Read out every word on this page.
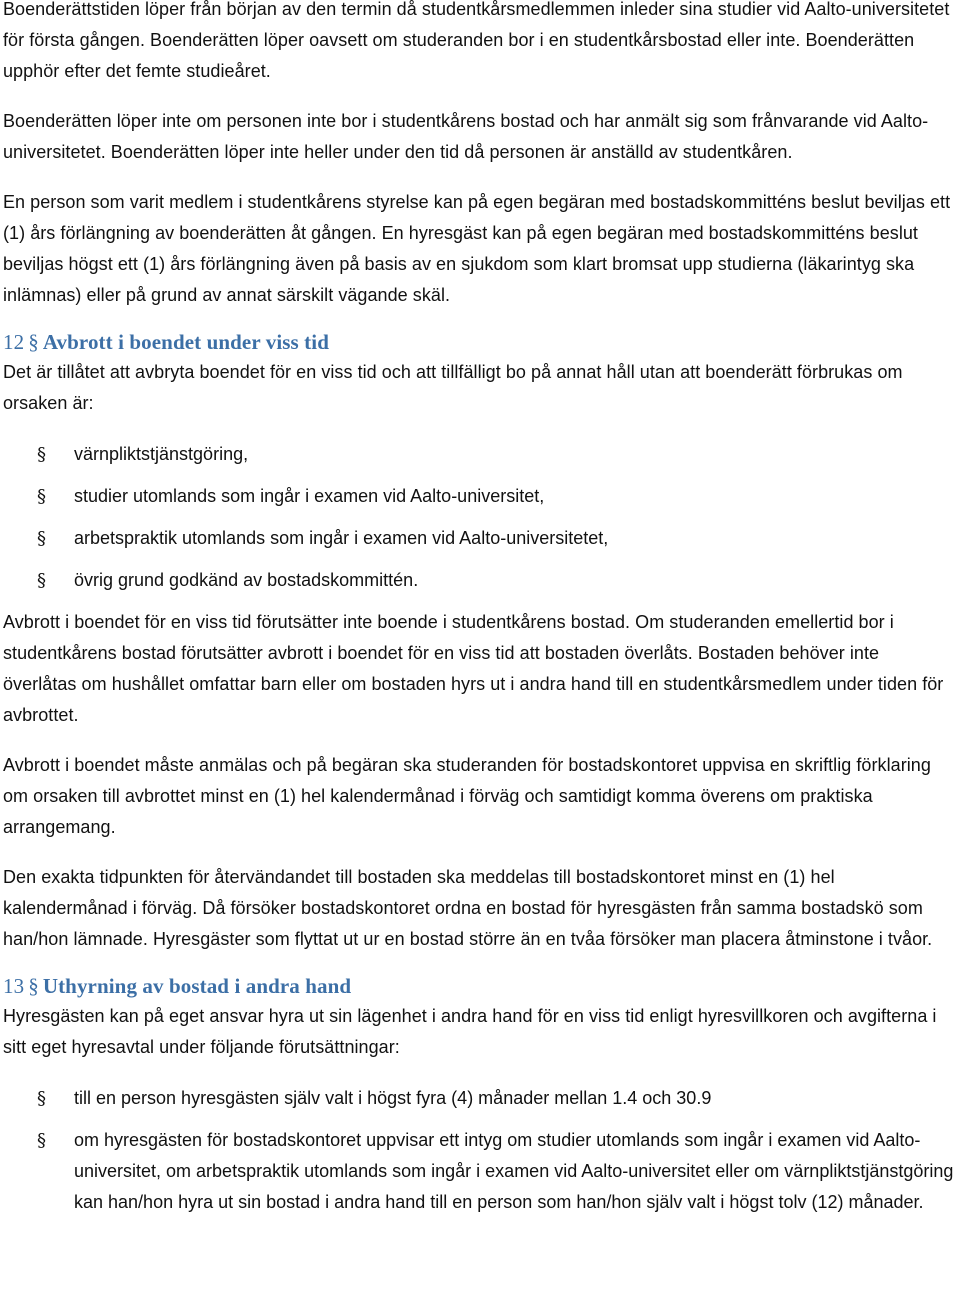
Boenderättstiden löper från början av den termin då studentkårsmedlemmen inleder sina studier vid Aalto-universitetet för första gången. Boenderätten löper oavsett om studeranden bor i en studentkårsbostad eller inte. Boenderätten upphör efter det femte studieåret.

Boenderätten löper inte om personen inte bor i studentkårens bostad och har anmält sig som frånvarande vid Aalto-universitetet. Boenderätten löper inte heller under den tid då personen är anställd av studentkåren.

En person som varit medlem i studentkårens styrelse kan på egen begäran med bostadskommitténs beslut beviljas ett (1) års förlängning av boenderätten åt gången. En hyresgäst kan på egen begäran med bostadskommitténs beslut beviljas högst ett (1) års förlängning även på basis av en sjukdom som klart bromsat upp studierna (läkarintyg ska inlämnas) eller på grund av annat särskilt vägande skäl.

12 § Avbrott i boendet under viss tid

Det är tillåtet att avbryta boendet för en viss tid och att tillfälligt bo på annat håll utan att boenderätt förbrukas om orsaken är:

§ värnpliktstjänstgöring,
§ studier utomlands som ingår i examen vid Aalto-universitet,
§ arbetspraktik utomlands som ingår i examen vid Aalto-universitetet,
§ övrig grund godkänd av bostadskommittén.

Avbrott i boendet för en viss tid förutsätter inte boende i studentkårens bostad. Om studeranden emellertid bor i studentkårens bostad förutsätter avbrott i boendet för en viss tid att bostaden överlåts. Bostaden behöver inte överlåtas om hushållet omfattar barn eller om bostaden hyrs ut i andra hand till en studentkårsmedlem under tiden för avbrottet.

Avbrott i boendet måste anmälas och på begäran ska studeranden för bostadskontoret uppvisa en skriftlig förklaring om orsaken till avbrottet minst en (1) hel kalendermånad i förväg och samtidigt komma överens om praktiska arrangemang.

Den exakta tidpunkten för återvändandet till bostaden ska meddelas till bostadskontoret minst en (1) hel kalendermånad i förväg. Då försöker bostadskontoret ordna en bostad för hyresgästen från samma bostadskö som han/hon lämnade. Hyresgäster som flyttat ut ur en bostad större än en tvåa försöker man placera åtminstone i tvåor.

13 § Uthyrning av bostad i andra hand

Hyresgästen kan på eget ansvar hyra ut sin lägenhet i andra hand för en viss tid enligt hyresvillkoren och avgifterna i sitt eget hyresavtal under följande förutsättningar:

§ till en person hyresgästen själv valt i högst fyra (4) månader mellan 1.4 och 30.9
§ om hyresgästen för bostadskontoret uppvisar ett intyg om studier utomlands som ingår i examen vid Aalto-universitet, om arbetspraktik utomlands som ingår i examen vid Aalto-universitet eller om värnpliktstjänstgöring kan han/hon hyra ut sin bostad i andra hand till en person som han/hon själv valt i högst tolv (12) månader.
